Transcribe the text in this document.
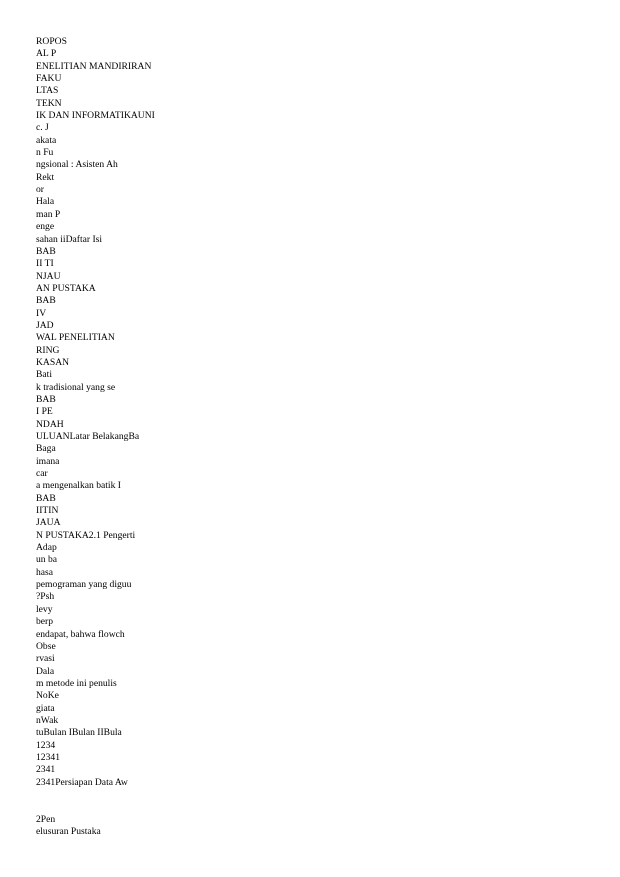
ROPOS
AL P
ENELITIAN MANDIRIRAN
FAKU
LTAS
TEKN
IK DAN INFORMATIKAUNI
c. J
akata
n Fu
ngsional : Asisten Ah
Rekt
or
Hala
man P
enge
sahan iiDaftar Isi
BAB
II TI
NJAU
AN PUSTAKA
BAB
IV
JAD
WAL PENELITIAN
RING
KASAN
Bati
k tradisional yang se
BAB
I PE
NDAH
ULUANLatar BelakangBa
Baga
imana
car
a mengenalkan batik I
BAB
IITIN
JAUA
N PUSTAKA2.1 Pengerti
Adap
un ba
hasa
pemograman yang diguu
?Psh
levy
berp
endapat, bahwa flowch
Obse
rvasi
Dala
m metode ini penulis
NoKe
giata
nWak
tuBulan IBulan IIBula
1234
12341
2341
2341Persiapan Data Aw
2Pen
elusuran Pustaka
